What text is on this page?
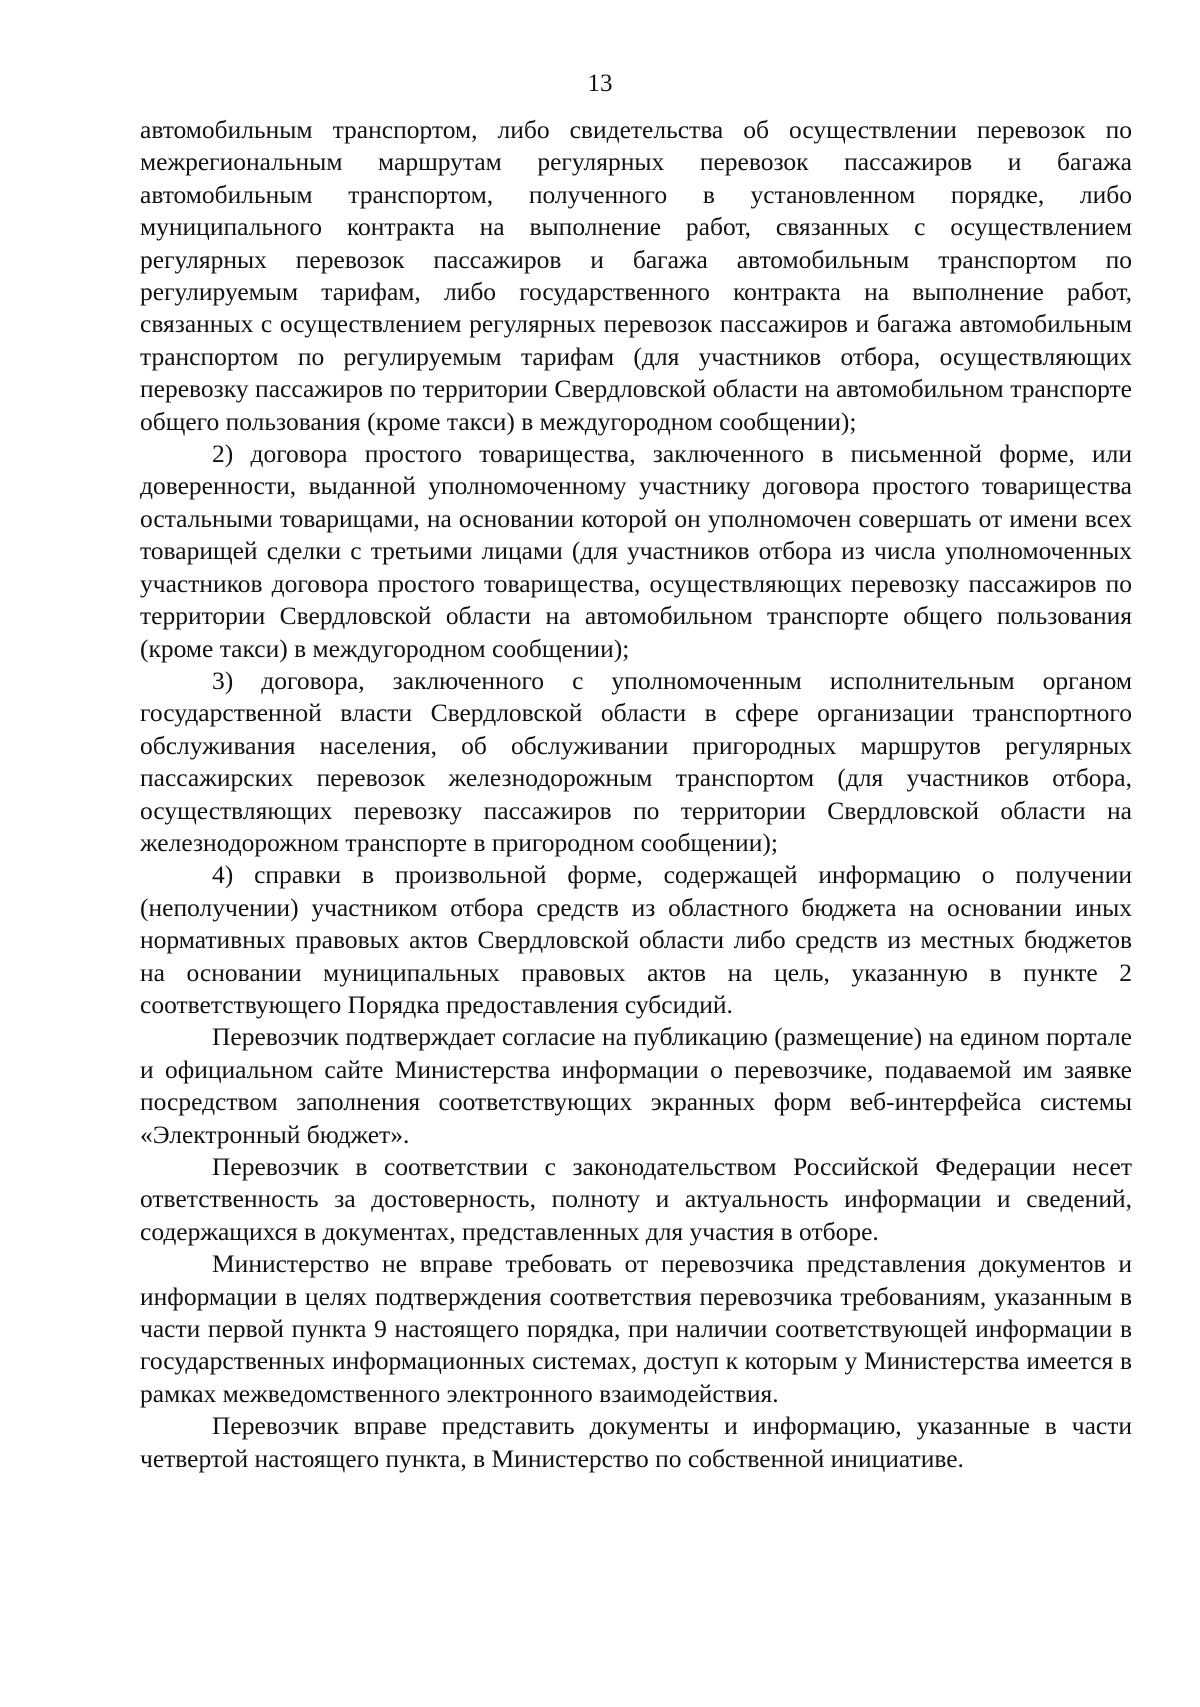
13

автомобильным транспортом, либо свидетельства об осуществлении перевозок по межрегиональным маршрутам регулярных перевозок пассажиров и багажа автомобильным транспортом, полученного в установленном порядке, либо муниципального контракта на выполнение работ, связанных с осуществлением регулярных перевозок пассажиров и багажа автомобильным транспортом по регулируемым тарифам, либо государственного контракта на выполнение работ, связанных с осуществлением регулярных перевозок пассажиров и багажа автомобильным транспортом по регулируемым тарифам (для участников отбора, осуществляющих перевозку пассажиров по территории Свердловской области на автомобильном транспорте общего пользования (кроме такси) в междугородном сообщении);

2) договора простого товарищества, заключенного в письменной форме, или доверенности, выданной уполномоченному участнику договора простого товарищества остальными товарищами, на основании которой он уполномочен совершать от имени всех товарищей сделки с третьими лицами (для участников отбора из числа уполномоченных участников договора простого товарищества, осуществляющих перевозку пассажиров по территории Свердловской области на автомобильном транспорте общего пользования (кроме такси) в междугородном сообщении);

3) договора, заключенного с уполномоченным исполнительным органом государственной власти Свердловской области в сфере организации транспортного обслуживания населения, об обслуживании пригородных маршрутов регулярных пассажирских перевозок железнодорожным транспортом (для участников отбора, осуществляющих перевозку пассажиров по территории Свердловской области на железнодорожном транспорте в пригородном сообщении);

4) справки в произвольной форме, содержащей информацию о получении (неполучении) участником отбора средств из областного бюджета на основании иных нормативных правовых актов Свердловской области либо средств из местных бюджетов на основании муниципальных правовых актов на цель, указанную в пункте 2 соответствующего Порядка предоставления субсидий.

Перевозчик подтверждает согласие на публикацию (размещение) на едином портале и официальном сайте Министерства информации о перевозчике, подаваемой им заявке посредством заполнения соответствующих экранных форм веб-интерфейса системы «Электронный бюджет».

Перевозчик в соответствии с законодательством Российской Федерации несет ответственность за достоверность, полноту и актуальность информации и сведений, содержащихся в документах, представленных для участия в отборе.

Министерство не вправе требовать от перевозчика представления документов и информации в целях подтверждения соответствия перевозчика требованиям, указанным в части первой пункта 9 настоящего порядка, при наличии соответствующей информации в государственных информационных системах, доступ к которым у Министерства имеется в рамках межведомственного электронного взаимодействия.

Перевозчик вправе представить документы и информацию, указанные в части четвертой настоящего пункта, в Министерство по собственной инициативе.
